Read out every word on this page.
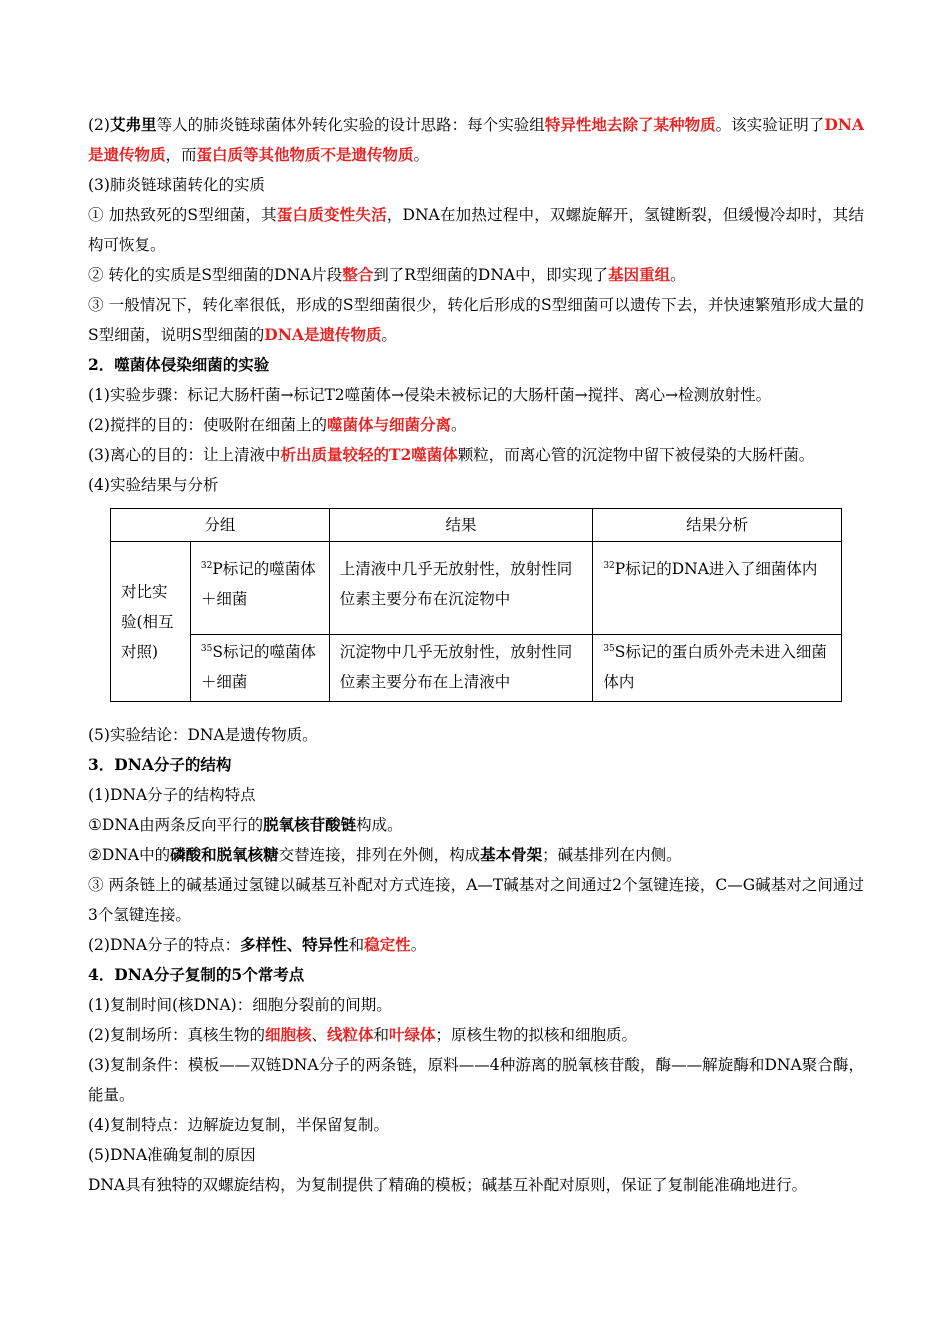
(2)艾弗里等人的肺炎链球菌体外转化实验的设计思路：每个实验组特异性地去除了某种物质。该实验证明了DNA是遗传物质，而蛋白质等其他物质不是遗传物质。
(3)肺炎链球菌转化的实质
① 加热致死的S型细菌，其蛋白质变性失活，DNA在加热过程中，双螺旋解开，氢键断裂，但缓慢冷却时，其结构可恢复。
② 转化的实质是S型细菌的DNA片段整合到了R型细菌的DNA中，即实现了基因重组。
③ 一般情况下，转化率很低，形成的S型细菌很少，转化后形成的S型细菌可以遗传下去，并快速繁殖形成大量的S型细菌，说明S型细菌的DNA是遗传物质。
2．噬菌体侵染细菌的实验
(1)实验步骤：标记大肠杆菌→标记T2噬菌体→侵染未被标记的大肠杆菌→搅拌、离心→检测放射性。
(2)搅拌的目的：使吸附在细菌上的噬菌体与细菌分离。
(3)离心的目的：让上清液中析出质量较轻的T2噬菌体颗粒，而离心管的沉淀物中留下被侵染的大肠杆菌。
(4)实验结果与分析
分组		结果	结果分析
对比实验(相互对照)	$^{32}$P标记的噬菌体＋细菌	上清液中几乎无放射性，放射性同位素主要分布在沉淀物中	$^{32}$P标记的DNA进入了细菌体内
	$^{35}$S标记的噬菌体＋细菌	沉淀物中几乎无放射性，放射性同位素主要分布在上清液中	$^{35}$S标记的蛋白质外壳未进入细菌体内
(5)实验结论：DNA是遗传物质。
3．DNA分子的结构
(1)DNA分子的结构特点
①DNA由两条反向平行的脱氧核苷酸链构成。
②DNA中的磷酸和脱氧核糖交替连接，排列在外侧，构成基本骨架；碱基排列在内侧。
③ 两条链上的碱基通过氢键以碱基互补配对方式连接，A—T碱基对之间通过2个氢键连接，C—G碱基对之间通过3个氢键连接。
(2)DNA分子的特点：多样性、特异性和稳定性。
4．DNA分子复制的5个常考点
(1)复制时间(核DNA)：细胞分裂前的间期。
(2)复制场所：真核生物的细胞核、线粒体和叶绿体；原核生物的拟核和细胞质。
(3)复制条件：模板——双链DNA分子的两条链，原料——4种游离的脱氧核苷酸，酶——解旋酶和DNA聚合酶，能量。
(4)复制特点：边解旋边复制，半保留复制。
(5)DNA准确复制的原因
DNA具有独特的双螺旋结构，为复制提供了精确的模板；碱基互补配对原则，保证了复制能准确地进行。
